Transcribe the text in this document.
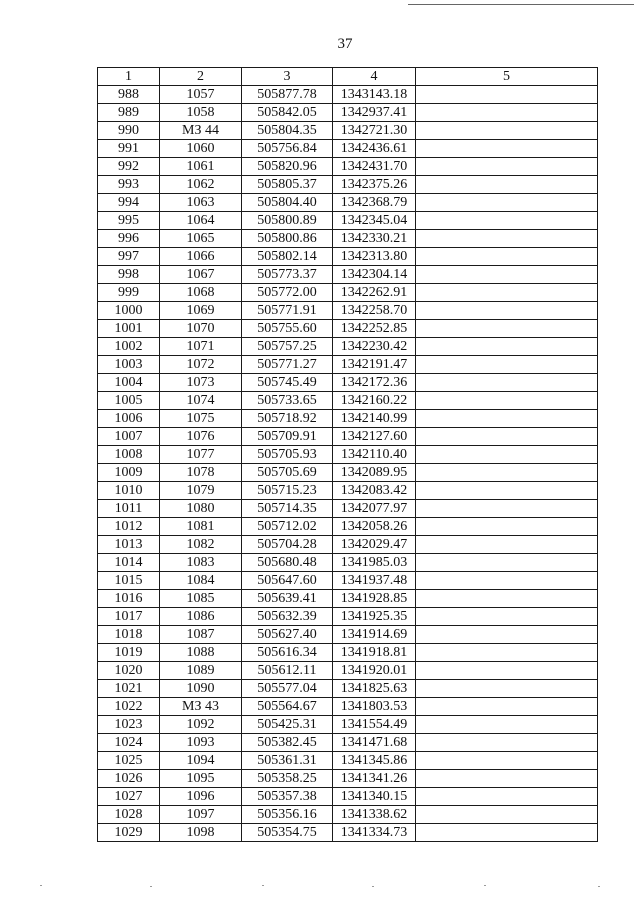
37
1	2	3	4	5
988	1057	505877.78	1343143.18	
989	1058	505842.05	1342937.41	
990	МЗ 44	505804.35	1342721.30	
991	1060	505756.84	1342436.61	
992	1061	505820.96	1342431.70	
993	1062	505805.37	1342375.26	
994	1063	505804.40	1342368.79	
995	1064	505800.89	1342345.04	
996	1065	505800.86	1342330.21	
997	1066	505802.14	1342313.80	
998	1067	505773.37	1342304.14	
999	1068	505772.00	1342262.91	
1000	1069	505771.91	1342258.70	
1001	1070	505755.60	1342252.85	
1002	1071	505757.25	1342230.42	
1003	1072	505771.27	1342191.47	
1004	1073	505745.49	1342172.36	
1005	1074	505733.65	1342160.22	
1006	1075	505718.92	1342140.99	
1007	1076	505709.91	1342127.60	
1008	1077	505705.93	1342110.40	
1009	1078	505705.69	1342089.95	
1010	1079	505715.23	1342083.42	
1011	1080	505714.35	1342077.97	
1012	1081	505712.02	1342058.26	
1013	1082	505704.28	1342029.47	
1014	1083	505680.48	1341985.03	
1015	1084	505647.60	1341937.48	
1016	1085	505639.41	1341928.85	
1017	1086	505632.39	1341925.35	
1018	1087	505627.40	1341914.69	
1019	1088	505616.34	1341918.81	
1020	1089	505612.11	1341920.01	
1021	1090	505577.04	1341825.63	
1022	МЗ 43	505564.67	1341803.53	
1023	1092	505425.31	1341554.49	
1024	1093	505382.45	1341471.68	
1025	1094	505361.31	1341345.86	
1026	1095	505358.25	1341341.26	
1027	1096	505357.38	1341340.15	
1028	1097	505356.16	1341338.62	
1029	1098	505354.75	1341334.73	
